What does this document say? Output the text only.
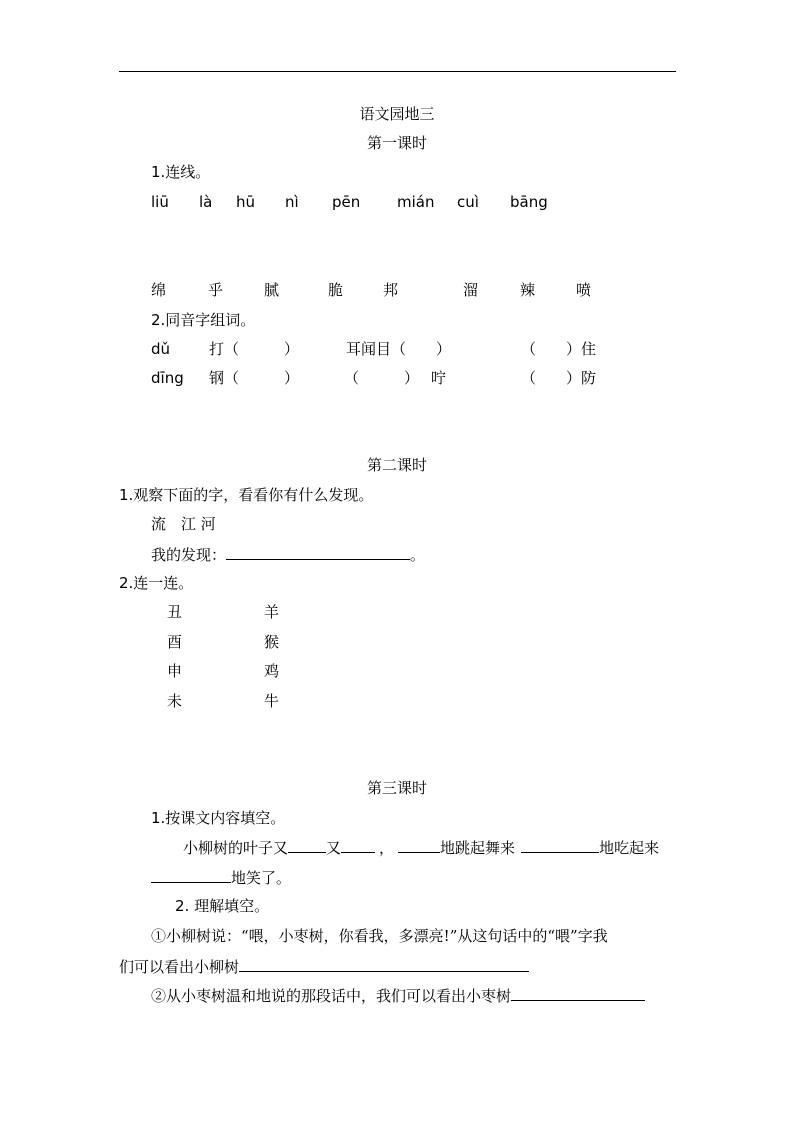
语文园地三
第一课时
1.连线。
liū là hū nì pēn mián cuì bāng
绵	乎	腻	脆	邦	溜	辣	喷
2.同音字组词。
dǔ	打（　　　）	耳闻目（　　）	（　　）住
dīng 钢（　　　）	（　　　） 咛	（　　）防
第二课时
1.观察下面的字，看看你有什么发现。
流　江 河
我的发现：	。
2.连一连。
丑
酉
申
未
羊
猴
鸡
牛
第三课时
1.按课文内容填空。
小柳树的叶子又	又	，	地跳起舞来	地吃起来
地笑了。
2. 理解填空。
①小柳树说：“喂，小枣树，你看我，多漂亮!”从这句话中的“喂”字我
们可以看出小柳树
②从小枣树温和地说的那段话中，我们可以看出小枣树
